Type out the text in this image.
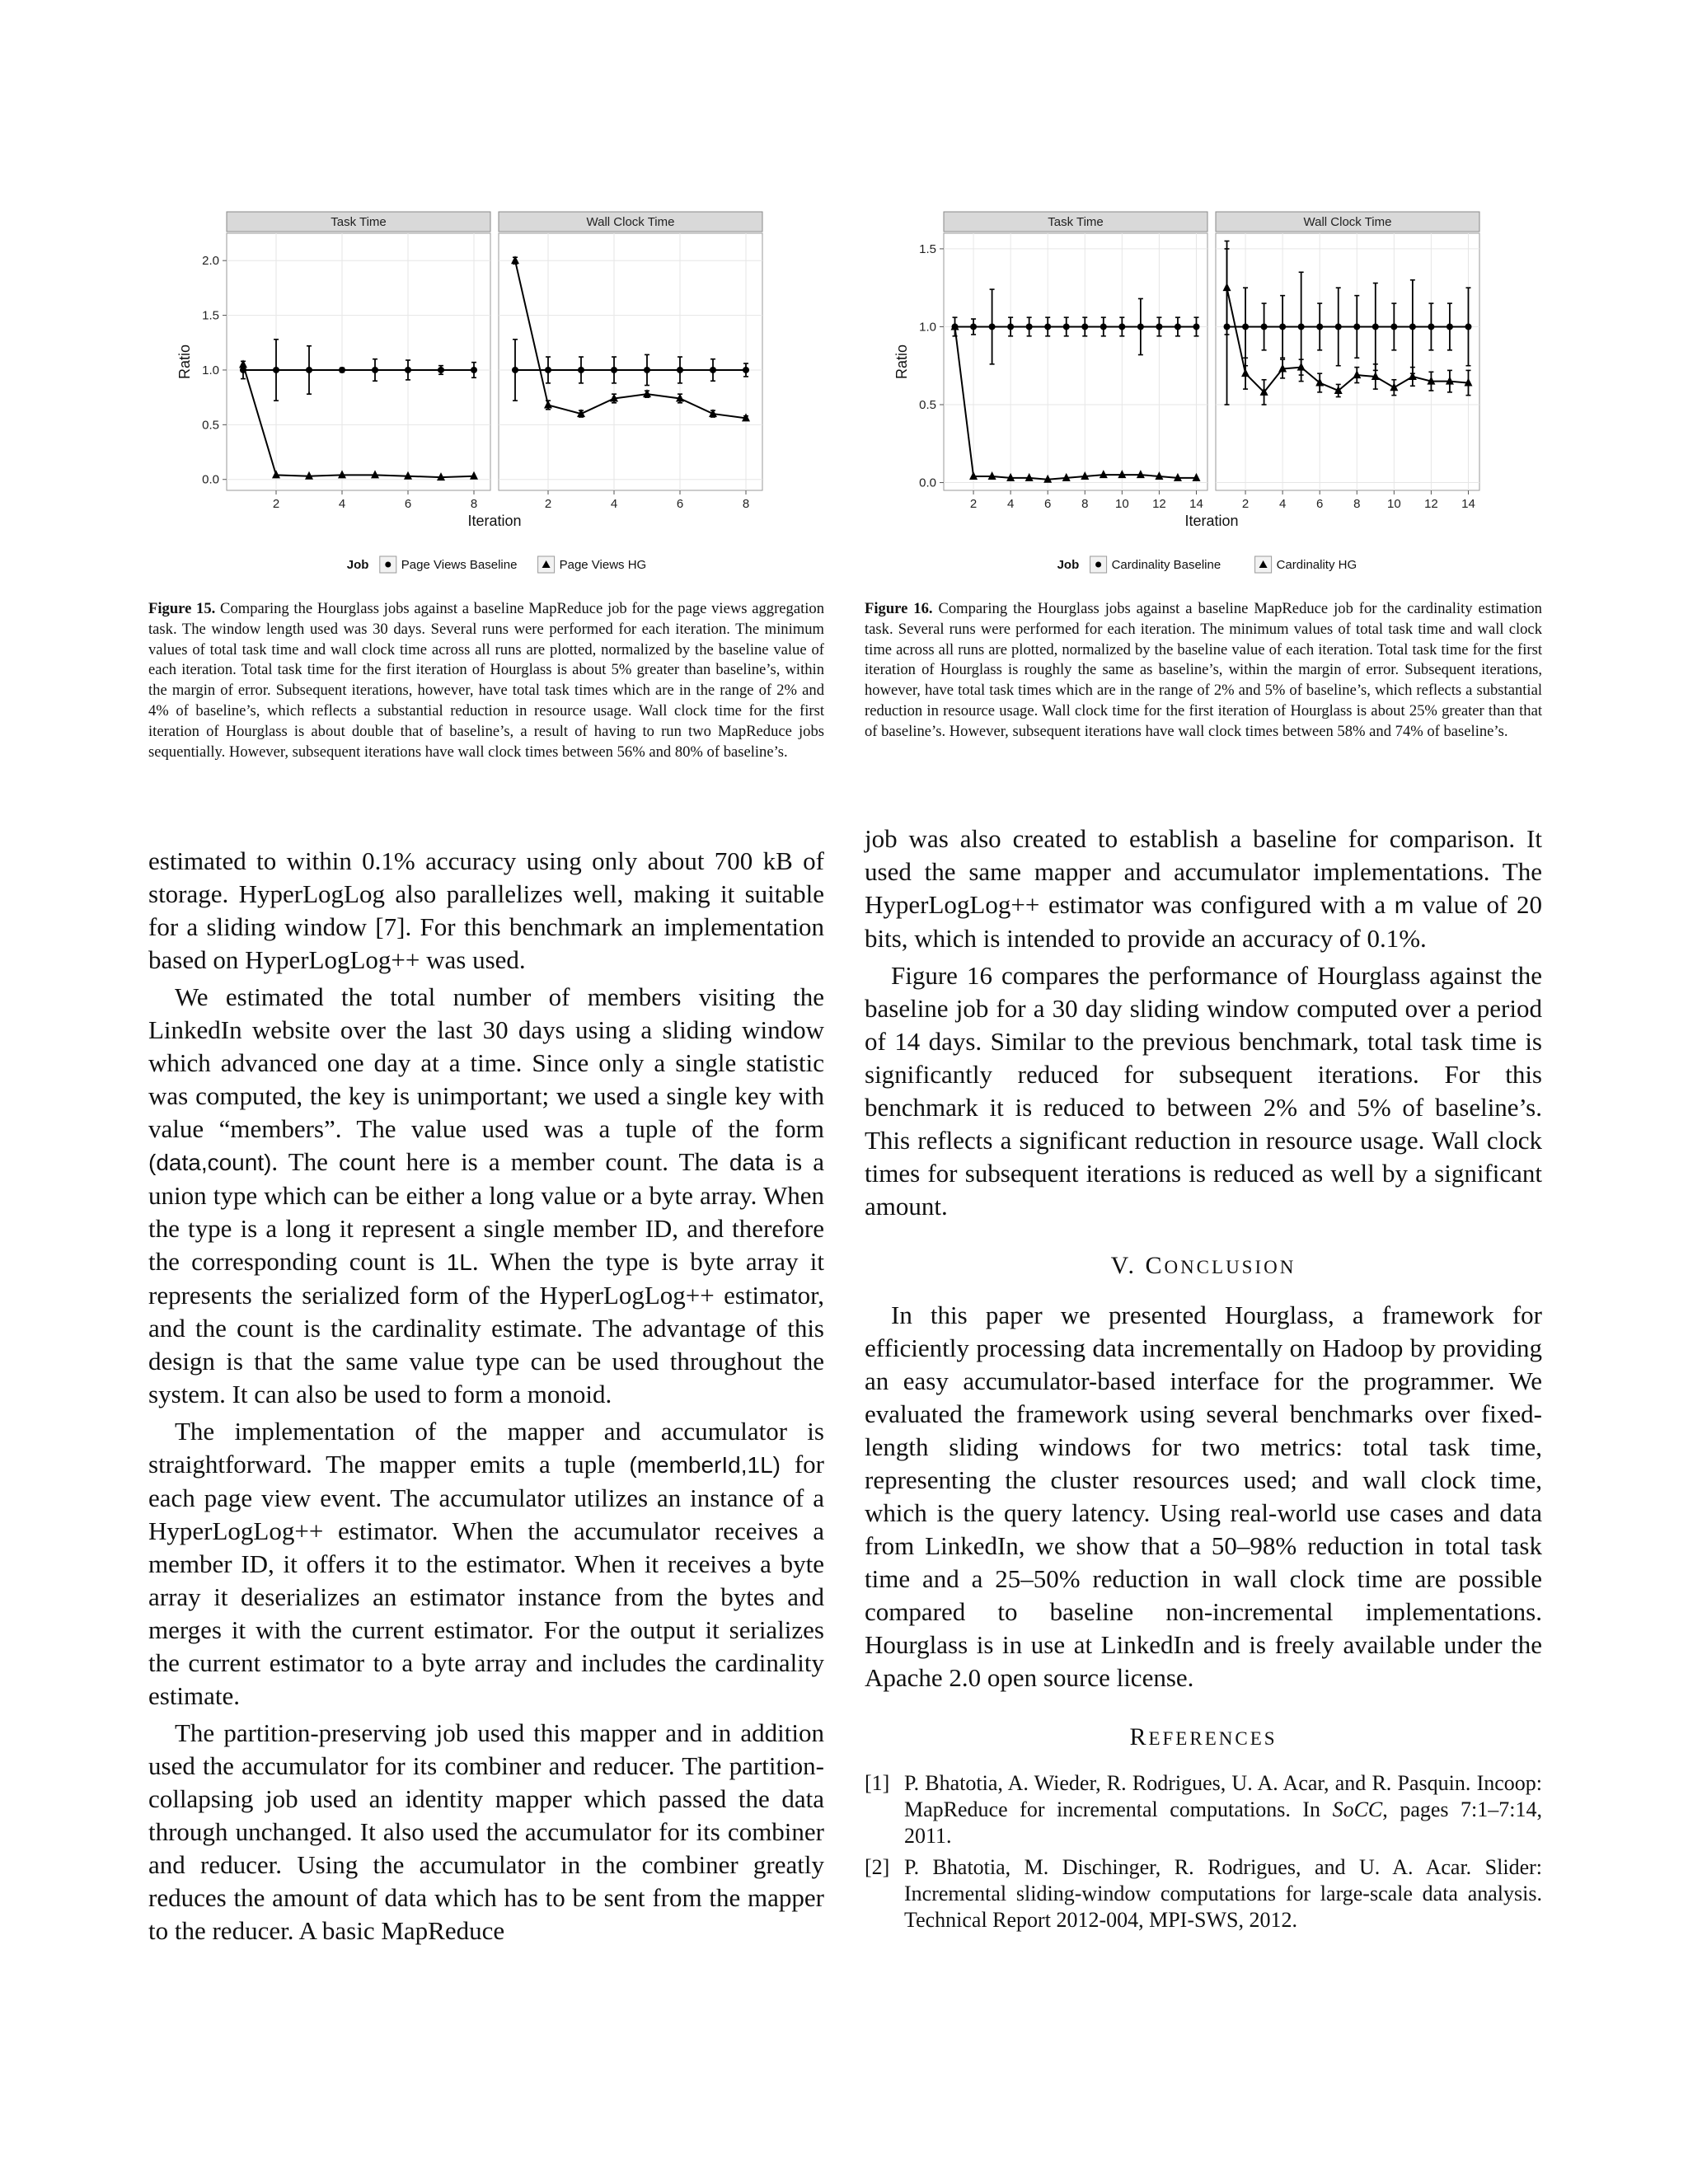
Task Time
2	4	6	8
Wall Clock Time
2	4	6	8
0.0
0.5
1.0
1.5
2.0
Ratio
Iteration
Job	Page Views Baseline	Page Views HG
Figure 15. Comparing the Hourglass jobs against a baseline MapReduce job for the page views aggregation task. The window length used was 30 days. Several runs were performed for each iteration. The minimum values of total task time and wall clock time across all runs are plotted, normalized by the baseline value of each iteration. Total task time for the first iteration of Hourglass is about 5% greater than baseline’s, within the margin of error. Subsequent iterations, however, have total task times which are in the range of 2% and 4% of baseline’s, which reflects a substantial reduction in resource usage. Wall clock time for the first iteration of Hourglass is about double that of baseline’s, a result of having to run two MapReduce jobs sequentially. However, subsequent iterations have wall clock times between 56% and 80% of baseline’s.
Task Time
2 4 6 8 10 12 14
Wall Clock Time
2 4 6 8 10 12 14
0.0
0.5
1.0
1.5
Ratio
Iteration
Job	Cardinality Baseline	Cardinality HG
Figure 16. Comparing the Hourglass jobs against a baseline MapReduce job for the cardinality estimation task. Several runs were performed for each iteration. The minimum values of total task time and wall clock time across all runs are plotted, normalized by the baseline value of each iteration. Total task time for the first iteration of Hourglass is roughly the same as baseline’s, within the margin of error. Subsequent iterations, however, have total task times which are in the range of 2% and 5% of baseline’s, which reflects a substantial reduction in resource usage. Wall clock time for the first iteration of Hourglass is about 25% greater than that of baseline’s. However, subsequent iterations have wall clock times between 58% and 74% of baseline’s.

estimated to within 0.1% accuracy using only about 700 kB of storage. HyperLogLog also parallelizes well, making it suitable for a sliding window [7]. For this benchmark an implementation based on HyperLogLog++ was used.

We estimated the total number of members visiting the LinkedIn website over the last 30 days using a sliding window which advanced one day at a time. Since only a single statistic was computed, the key is unimportant; we used a single key with value “members”. The value used was a tuple of the form (data,count). The count here is a member count. The data is a union type which can be either a long value or a byte array. When the type is a long it represent a single member ID, and therefore the corresponding count is 1L. When the type is byte array it represents the serialized form of the HyperLogLog++ estimator, and the count is the cardinality estimate. The advantage of this design is that the same value type can be used throughout the system. It can also be used to form a monoid.

The implementation of the mapper and accumulator is straightforward. The mapper emits a tuple (memberId,1L) for each page view event. The accumulator utilizes an instance of a HyperLogLog++ estimator. When the accumulator receives a member ID, it offers it to the estimator. When it receives a byte array it deserializes an estimator instance from the bytes and merges it with the current estimator. For the output it serializes the current estimator to a byte array and includes the cardinality estimate.

The partition-preserving job used this mapper and in addition used the accumulator for its combiner and reducer. The partition-collapsing job used an identity mapper which passed the data through unchanged. It also used the accumulator for its combiner and reducer. Using the accumulator in the combiner greatly reduces the amount of data which has to be sent from the mapper to the reducer. A basic MapReduce

job was also created to establish a baseline for comparison. It used the same mapper and accumulator implementations. The HyperLogLog++ estimator was configured with a m value of 20 bits, which is intended to provide an accuracy of 0.1%.

Figure 16 compares the performance of Hourglass against the baseline job for a 30 day sliding window computed over a period of 14 days. Similar to the previous benchmark, total task time is significantly reduced for subsequent iterations. For this benchmark it is reduced to between 2% and 5% of baseline’s. This reflects a significant reduction in resource usage. Wall clock times for subsequent iterations is reduced as well by a significant amount.

V. CONCLUSION

In this paper we presented Hourglass, a framework for efficiently processing data incrementally on Hadoop by providing an easy accumulator-based interface for the programmer. We evaluated the framework using several benchmarks over fixed-length sliding windows for two metrics: total task time, representing the cluster resources used; and wall clock time, which is the query latency. Using real-world use cases and data from LinkedIn, we show that a 50–98% reduction in total task time and a 25–50% reduction in wall clock time are possible compared to baseline non-incremental implementations. Hourglass is in use at LinkedIn and is freely available under the Apache 2.0 open source license.

REFERENCES
[1] P. Bhatotia, A. Wieder, R. Rodrigues, U. A. Acar, and R. Pasquin. Incoop: MapReduce for incremental computations. In SoCC, pages 7:1–7:14, 2011.
[2] P. Bhatotia, M. Dischinger, R. Rodrigues, and U. A. Acar. Slider: Incremental sliding-window computations for large-scale data analysis. Technical Report 2012-004, MPI-SWS, 2012.
